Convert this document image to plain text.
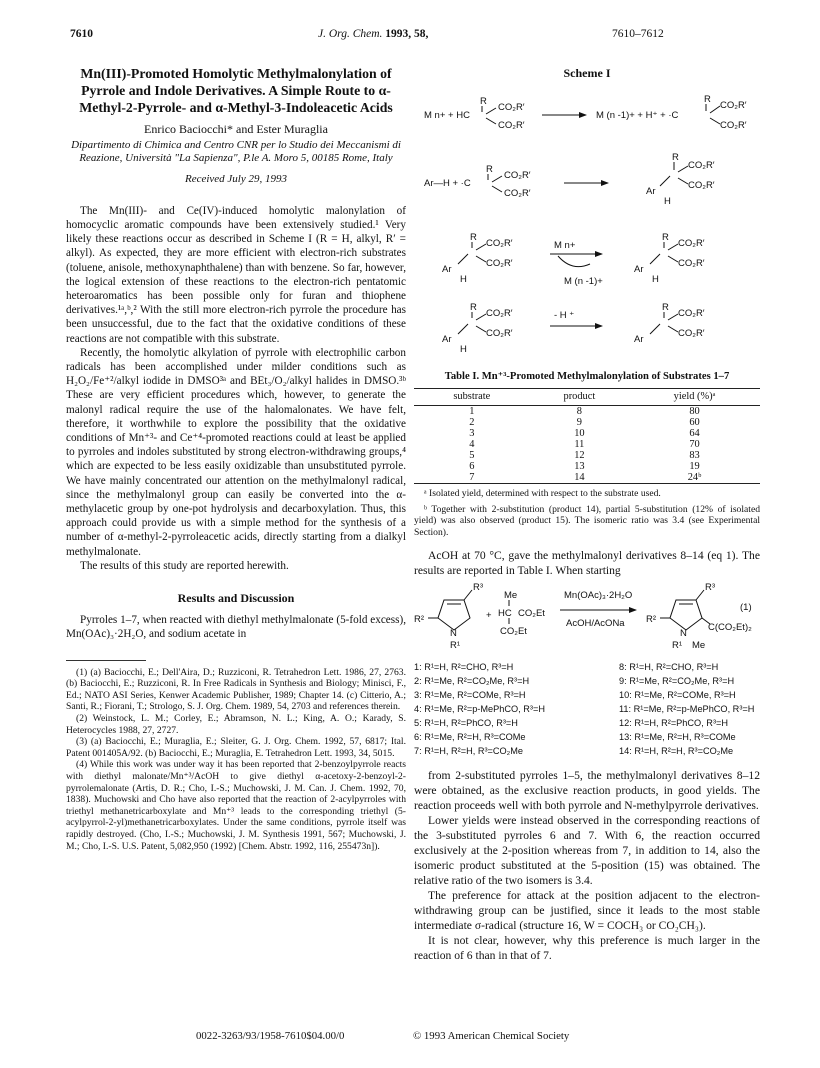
7610	J. Org. Chem. 1993, 58,	7610–7612
Mn(III)-Promoted Homolytic Methylmalonylation of Pyrrole and Indole Derivatives. A Simple Route to α-Methyl-2-Pyrrole- and α-Methyl-3-Indoleacetic Acids
Enrico Baciocchi* and Ester Muraglia
Dipartimento di Chimica and Centro CNR per lo Studio dei Meccanismi di Reazione, Università "La Sapienza", P.le A. Moro 5, 00185 Rome, Italy
Received July 29, 1993

The Mn(III)- and Ce(IV)-induced homolytic malonylation of homocyclic aromatic compounds have been extensively studied.¹ Very likely these reactions occur as described in Scheme I (R = H, alkyl, R′ = alkyl). As expected, they are more efficient with electron-rich substrates (toluene, anisole, methoxynaphthalene) than with benzene. So far, however, the logical extension of these reactions to the electron-rich pentatomic heteroaromatics has been possible only for furan and thiophene derivatives.¹ᵃ,ᵇ,² With the still more electron-rich pyrrole the procedure has been unsuccessful, due to the fact that the oxidative conditions of these reactions are not compatible with this substrate.

Recently, the homolytic alkylation of pyrrole with electrophilic carbon radicals has been accomplished under milder conditions such as H₂O₂/Fe⁺²/alkyl iodide in DMSO³ᵃ and BEt₃/O₂/alkyl halides in DMSO.³ᵇ These are very efficient procedures which, however, to generate the malonyl radical require the use of the halomalonates. We have felt, therefore, it worthwhile to explore the possibility that the oxidative conditions of Mn⁺³- and Ce⁺⁴-promoted reactions could at least be applied to pyrroles and indoles substituted by strong electron-withdrawing groups,⁴ which are expected to be less easily oxidizable than unsubstituted pyrrole. We have mainly concentrated our attention on the methylmalonyl radical, since the methylmalonyl group can easily be converted into the α-methylacetic group by one-pot hydrolysis and decarboxylation. Thus, this approach could provide us with a simple method for the synthesis of a number of α-methyl-2-pyrroleacetic acids, directly starting from a dialkyl methylmalonate.

The results of this study are reported herewith.

Results and Discussion

Pyrroles 1–7, when reacted with diethyl methylmalonate (5-fold excess), Mn(OAc)₃·2H₂O, and sodium acetate in

(1) (a) Baciocchi, E.; Dell'Aira, D.; Ruzziconi, R. Tetrahedron Lett. 1986, 27, 2763. (b) Baciocchi, E.; Ruzziconi, R. In Free Radicals in Synthesis and Biology; Minisci, F., Ed.; NATO ASI Series, Kenwer Academic Publisher, 1989; Chapter 14. (c) Citterio, A.; Santi, R.; Fiorani, T.; Strologo, S. J. Org. Chem. 1989, 54, 2703 and references therein.

(2) Weinstock, L. M.; Corley, E.; Abramson, N. L.; King, A. O.; Karady, S. Heterocycles 1988, 27, 2727.

(3) (a) Baciocchi, E.; Muraglia, E.; Sleiter, G. J. Org. Chem. 1992, 57, 6817; Ital. Patent 001405A/92. (b) Baciocchi, E.; Muraglia, E. Tetrahedron Lett. 1993, 34, 5015.

(4) While this work was under way it has been reported that 2-benzoylpyrrole reacts with diethyl malonate/Mn⁺³/AcOH to give diethyl α-acetoxy-2-benzoyl-2-pyrrolemalonate (Artis, D. R.; Cho, I.-S.; Muchowski, J. M. Can. J. Chem. 1992, 70, 1838). Muchowski and Cho have also reported that the reaction of 2-acylpyrroles with triethyl methanetricarboxylate and Mn⁺³ leads to the corresponding triethyl (5-acylpyrrol-2-yl)methanetricarboxylates. Under the same conditions, pyrrole itself was rapidly destroyed. (Cho, I.-S.; Muchowski, J. M. Synthesis 1991, 567; Muchowski, J. M.; Cho, I.-S. U.S. Patent, 5,082,950 (1992) [Chem. Abstr. 1992, 116, 255473n]).

Scheme I
M n+ + HC
R
CO₂R′
CO₂R′
M (n -1)+ + H⁺ + ·C
R
CO₂R′
CO₂R′
Ar—H + ·C
R
CO₂R′
CO₂R′
R
CO₂R′
CO₂R′
Ar
H
R
CO₂R′
CO₂R′
Ar
H
M n+
M (n -1)+
R
CO₂R′
CO₂R′
Ar
H
R
CO₂R′
CO₂R′
Ar
H
- H ⁺
R
CO₂R′
CO₂R′
Ar
Table I. Mn⁺³-Promoted Methylmalonylation of Substrates 1–7
substrate	product	yield (%)ᵃ
1	8	80
2	9	60
3	10	64
4	11	70
5	12	83
6	13	19
7	14	24ᵇ

ᵃ Isolated yield, determined with respect to the substrate used.

ᵇ Together with 2-substitution (product 14), partial 5-substitution (12% of isolated yield) was also observed (product 15). The isomeric ratio was 3.4 (see Experimental Section).

AcOH at 70 °C, gave the methylmalonyl derivatives 8–14 (eq 1). The results are reported in Table I. When starting

R³
R²
N
R¹
+
Me
HC CO₂Et
CO₂Et
Mn(OAc)₃·2H₂O
AcOH/AcONa
R³
R²
N
R¹ Me
C(CO₂Et)₂
(1)
1: R¹=H, R²=CHO, R³=H
2: R¹=Me, R²=CO₂Me, R³=H
3: R¹=Me, R²=COMe, R³=H
4: R¹=Me, R²=p-MePhCO, R³=H
5: R¹=H, R²=PhCO, R³=H
6: R¹=Me, R²=H, R³=COMe
7: R¹=H, R²=H, R³=CO₂Me
8: R¹=H, R²=CHO, R³=H
9: R¹=Me, R²=CO₂Me, R³=H
10: R¹=Me, R²=COMe, R³=H
11: R¹=Me, R²=p-MePhCO, R³=H
12: R¹=H, R²=PhCO, R³=H
13: R¹=Me, R²=H, R³=COMe
14: R¹=H, R²=H, R³=CO₂Me

from 2-substituted pyrroles 1–5, the methylmalonyl derivatives 8–12 were obtained, as the exclusive reaction products, in good yields. The reaction proceeds well with both pyrrole and N-methylpyrrole derivatives.

Lower yields were instead observed in the corresponding reactions of the 3-substituted pyrroles 6 and 7. With 6, the reaction occurred exclusively at the 2-position whereas from 7, in addition to 14, also the isomeric product substituted at the 5-position (15) was obtained. The relative ratio of the two isomers is 3.4.

The preference for attack at the position adjacent to the electron-withdrawing group can be justified, since it leads to the most stable intermediate σ-radical (structure 16, W = COCH₃ or CO₂CH₃).

It is not clear, however, why this preference is much larger in the reaction of 6 than in that of 7.

0022-3263/93/1958-7610$04.00/0	© 1993 American Chemical Society
